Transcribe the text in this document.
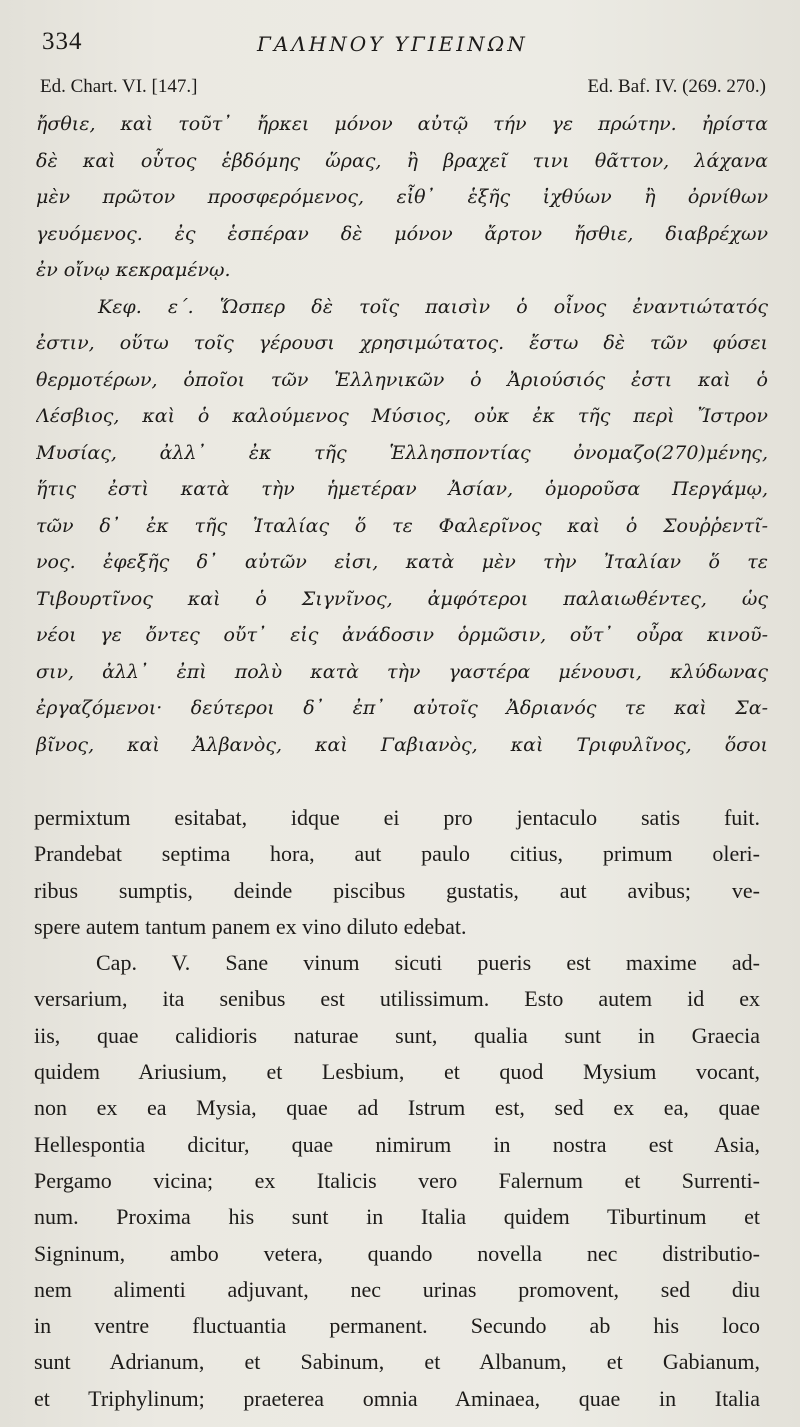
334	ΓΑΛΗΝΟΥ ΥΓΙΕΙΝΩΝ
Ed. Chart. VI. [147.]	Ed. Baf. IV. (269. 270.)
ἤσθιε, καὶ τοῦτ᾽ ἤρκει μόνον αὐτῷ τήν γε πρώτην. ἠρίστα
δὲ καὶ οὗτος ἑβδόμης ὥρας, ἢ βραχεῖ τινι θᾶττον, λάχανα
μὲν πρῶτον προσφερόμενος, εἶθ᾽ ἑξῆς ἰχθύων ἢ ὀρνίθων
γευόμενος. ἐς ἑσπέραν δὲ μόνον ἄρτον ἤσθιε, διαβρέχων
ἐν οἴνῳ κεκραμένῳ.
Κεφ. ε΄. Ὥσπερ δὲ τοῖς παισὶν ὁ οἶνος ἐναντιώτατός
ἐστιν, οὕτω τοῖς γέρουσι χρησιμώτατος. ἔστω δὲ τῶν φύσει
θερμοτέρων, ὁποῖοι τῶν Ἑλληνικῶν ὁ Ἀριούσιός ἐστι καὶ ὁ
Λέσβιος, καὶ ὁ καλούμενος Μύσιος, οὐκ ἐκ τῆς περὶ Ἴστρον
Μυσίας, ἀλλ᾽ ἐκ τῆς Ἑλλησποντίας ὀνομαζο(270)μένης,
ἥτις ἐστὶ κατὰ τὴν ἡμετέραν Ἀσίαν, ὁμοροῦσα Περγάμῳ,
τῶν δ᾽ ἐκ τῆς Ἰταλίας ὅ τε Φαλερῖνος καὶ ὁ Σουῤῥεντῖ-
νος. ἐφεξῆς δ᾽ αὐτῶν εἰσι, κατὰ μὲν τὴν Ἰταλίαν ὅ τε
Τιβουρτῖνος καὶ ὁ Σιγνῖνος, ἀμφότεροι παλαιωθέντες, ὡς
νέοι γε ὄντες οὔτ᾽ εἰς ἀνάδοσιν ὁρμῶσιν, οὔτ᾽ οὖρα κινοῦ-
σιν, ἀλλ᾽ ἐπὶ πολὺ κατὰ τὴν γαστέρα μένουσι, κλύδωνας
ἐργαζόμενοι· δεύτεροι δ᾽ ἐπ᾽ αὐτοῖς Ἀδριανός τε καὶ Σα-
βῖνος, καὶ Ἀλβανὸς, καὶ Γαβιανὸς, καὶ Τριφυλῖνος, ὅσοι
permixtum esitabat, idque ei pro jentaculo satis fuit.
Prandebat septima hora, aut paulo citius, primum oleri-
ribus sumptis, deinde piscibus gustatis, aut avibus; ve-
spere autem tantum panem ex vino diluto edebat.
Cap. V. Sane vinum sicuti pueris est maxime ad-
versarium, ita senibus est utilissimum. Esto autem id ex
iis, quae calidioris naturae sunt, qualia sunt in Graecia
quidem Ariusium, et Lesbium, et quod Mysium vocant,
non ex ea Mysia, quae ad Istrum est, sed ex ea, quae
Hellespontia dicitur, quae nimirum in nostra est Asia,
Pergamo vicina; ex Italicis vero Falernum et Surrenti-
num. Proxima his sunt in Italia quidem Tiburtinum et
Signinum, ambo vetera, quando novella nec distributio-
nem alimenti adjuvant, nec urinas promovent, sed diu
in ventre fluctuantia permanent. Secundo ab his loco
sunt Adrianum, et Sabinum, et Albanum, et Gabianum,
et Triphylinum; praeterea omnia Aminaea, quae in Italia
